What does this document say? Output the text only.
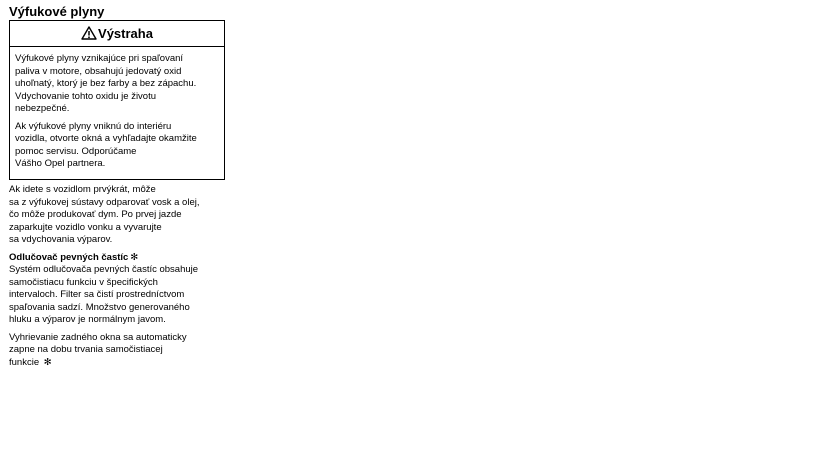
Výfukové plyny
Výstraha

Výfukové plyny vznikajúce pri spaľovaní
paliva v motore, obsahujú jedovatý oxid
uhoľnatý, ktorý je bez farby a bez zápachu.
Vdychovanie tohto oxidu je životu
nebezpečné.

Ak výfukové plyny vniknú do interiéru
vozidla, otvorte okná a vyhľadajte okamžite
pomoc servisu. Odporúčame
Vášho Opel partnera.

Ak idete s vozidlom prvýkrát, môže
sa z výfukovej sústavy odparovať vosk a olej,
čo môže produkovať dym. Po prvej jazde
zaparkujte vozidlo vonku a vyvarujte
sa vdychovania výparov.

Odlučovač pevných častíc ✻

Systém odlučovača pevných častíc obsahuje
samočistiacu funkciu v špecifických
intervaloch. Filter sa čistí prostredníctvom
spaľovania sadzí. Množstvo generovaného
hluku a výparov je normálnym javom.

Vyhrievanie zadného okna sa automaticky
zapne na dobu trvania samočistiacej
funkcie ✻
